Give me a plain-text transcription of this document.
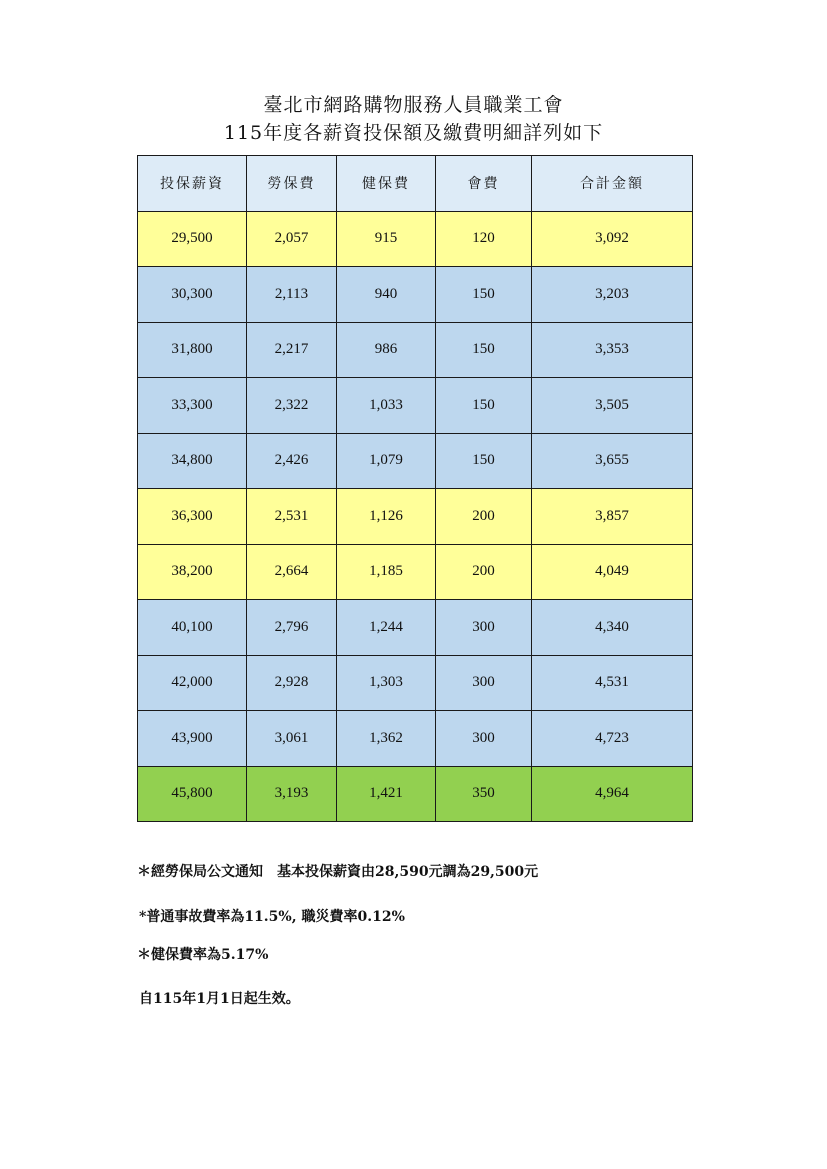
臺北市網路購物服務人員職業工會
115年度各薪資投保額及繳費明細詳列如下
投保薪資	勞保費	健保費	會費	合計金額
29,500	2,057	915	120	3,092
30,300	2,113	940	150	3,203
31,800	2,217	986	150	3,353
33,300	2,322	1,033	150	3,505
34,800	2,426	1,079	150	3,655
36,300	2,531	1,126	200	3,857
38,200	2,664	1,185	200	4,049
40,100	2,796	1,244	300	4,340
42,000	2,928	1,303	300	4,531
43,900	3,061	1,362	300	4,723
45,800	3,193	1,421	350	4,964
＊經勞保局公文通知　基本投保薪資由28,590元調為29,500元
*普通事故費率為11.5%, 職災費率0.12%
＊健保費率為5.17%
自115年1月1日起生效。
